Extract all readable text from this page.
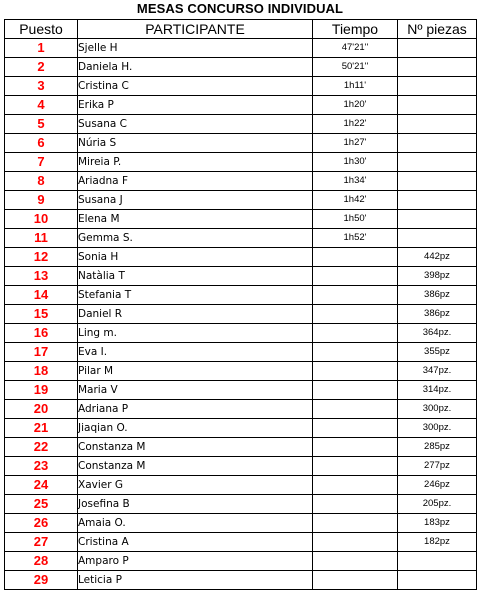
MESAS CONCURSO INDIVIDUAL
Puesto	PARTICIPANTE	Tiempo	Nº piezas
1	Sjelle H	47'21''	
2	Daniela H.	50'21''	
3	Cristina C	1h11'	
4	Erika P	1h20'	
5	Susana C	1h22'	
6	Núria S	1h27'	
7	Mireia P.	1h30'	
8	Ariadna F	1h34'	
9	Susana J	1h42'	
10	Elena M	1h50'	
11	Gemma S.	1h52'	
12	Sonia H		442pz
13	Natàlia T		398pz
14	Stefania T		386pz
15	Daniel R		386pz
16	Ling m.		364pz.
17	Eva I.		355pz
18	Pilar M		347pz.
19	Maria V		314pz.
20	Adriana P		300pz.
21	Jiaqian O.		300pz.
22	Constanza M		285pz
23	Constanza M		277pz
24	Xavier G		246pz
25	Josefina B		205pz.
26	Amaia O.		183pz
27	Cristina A		182pz
28	Amparo P		
29	Leticia P		
